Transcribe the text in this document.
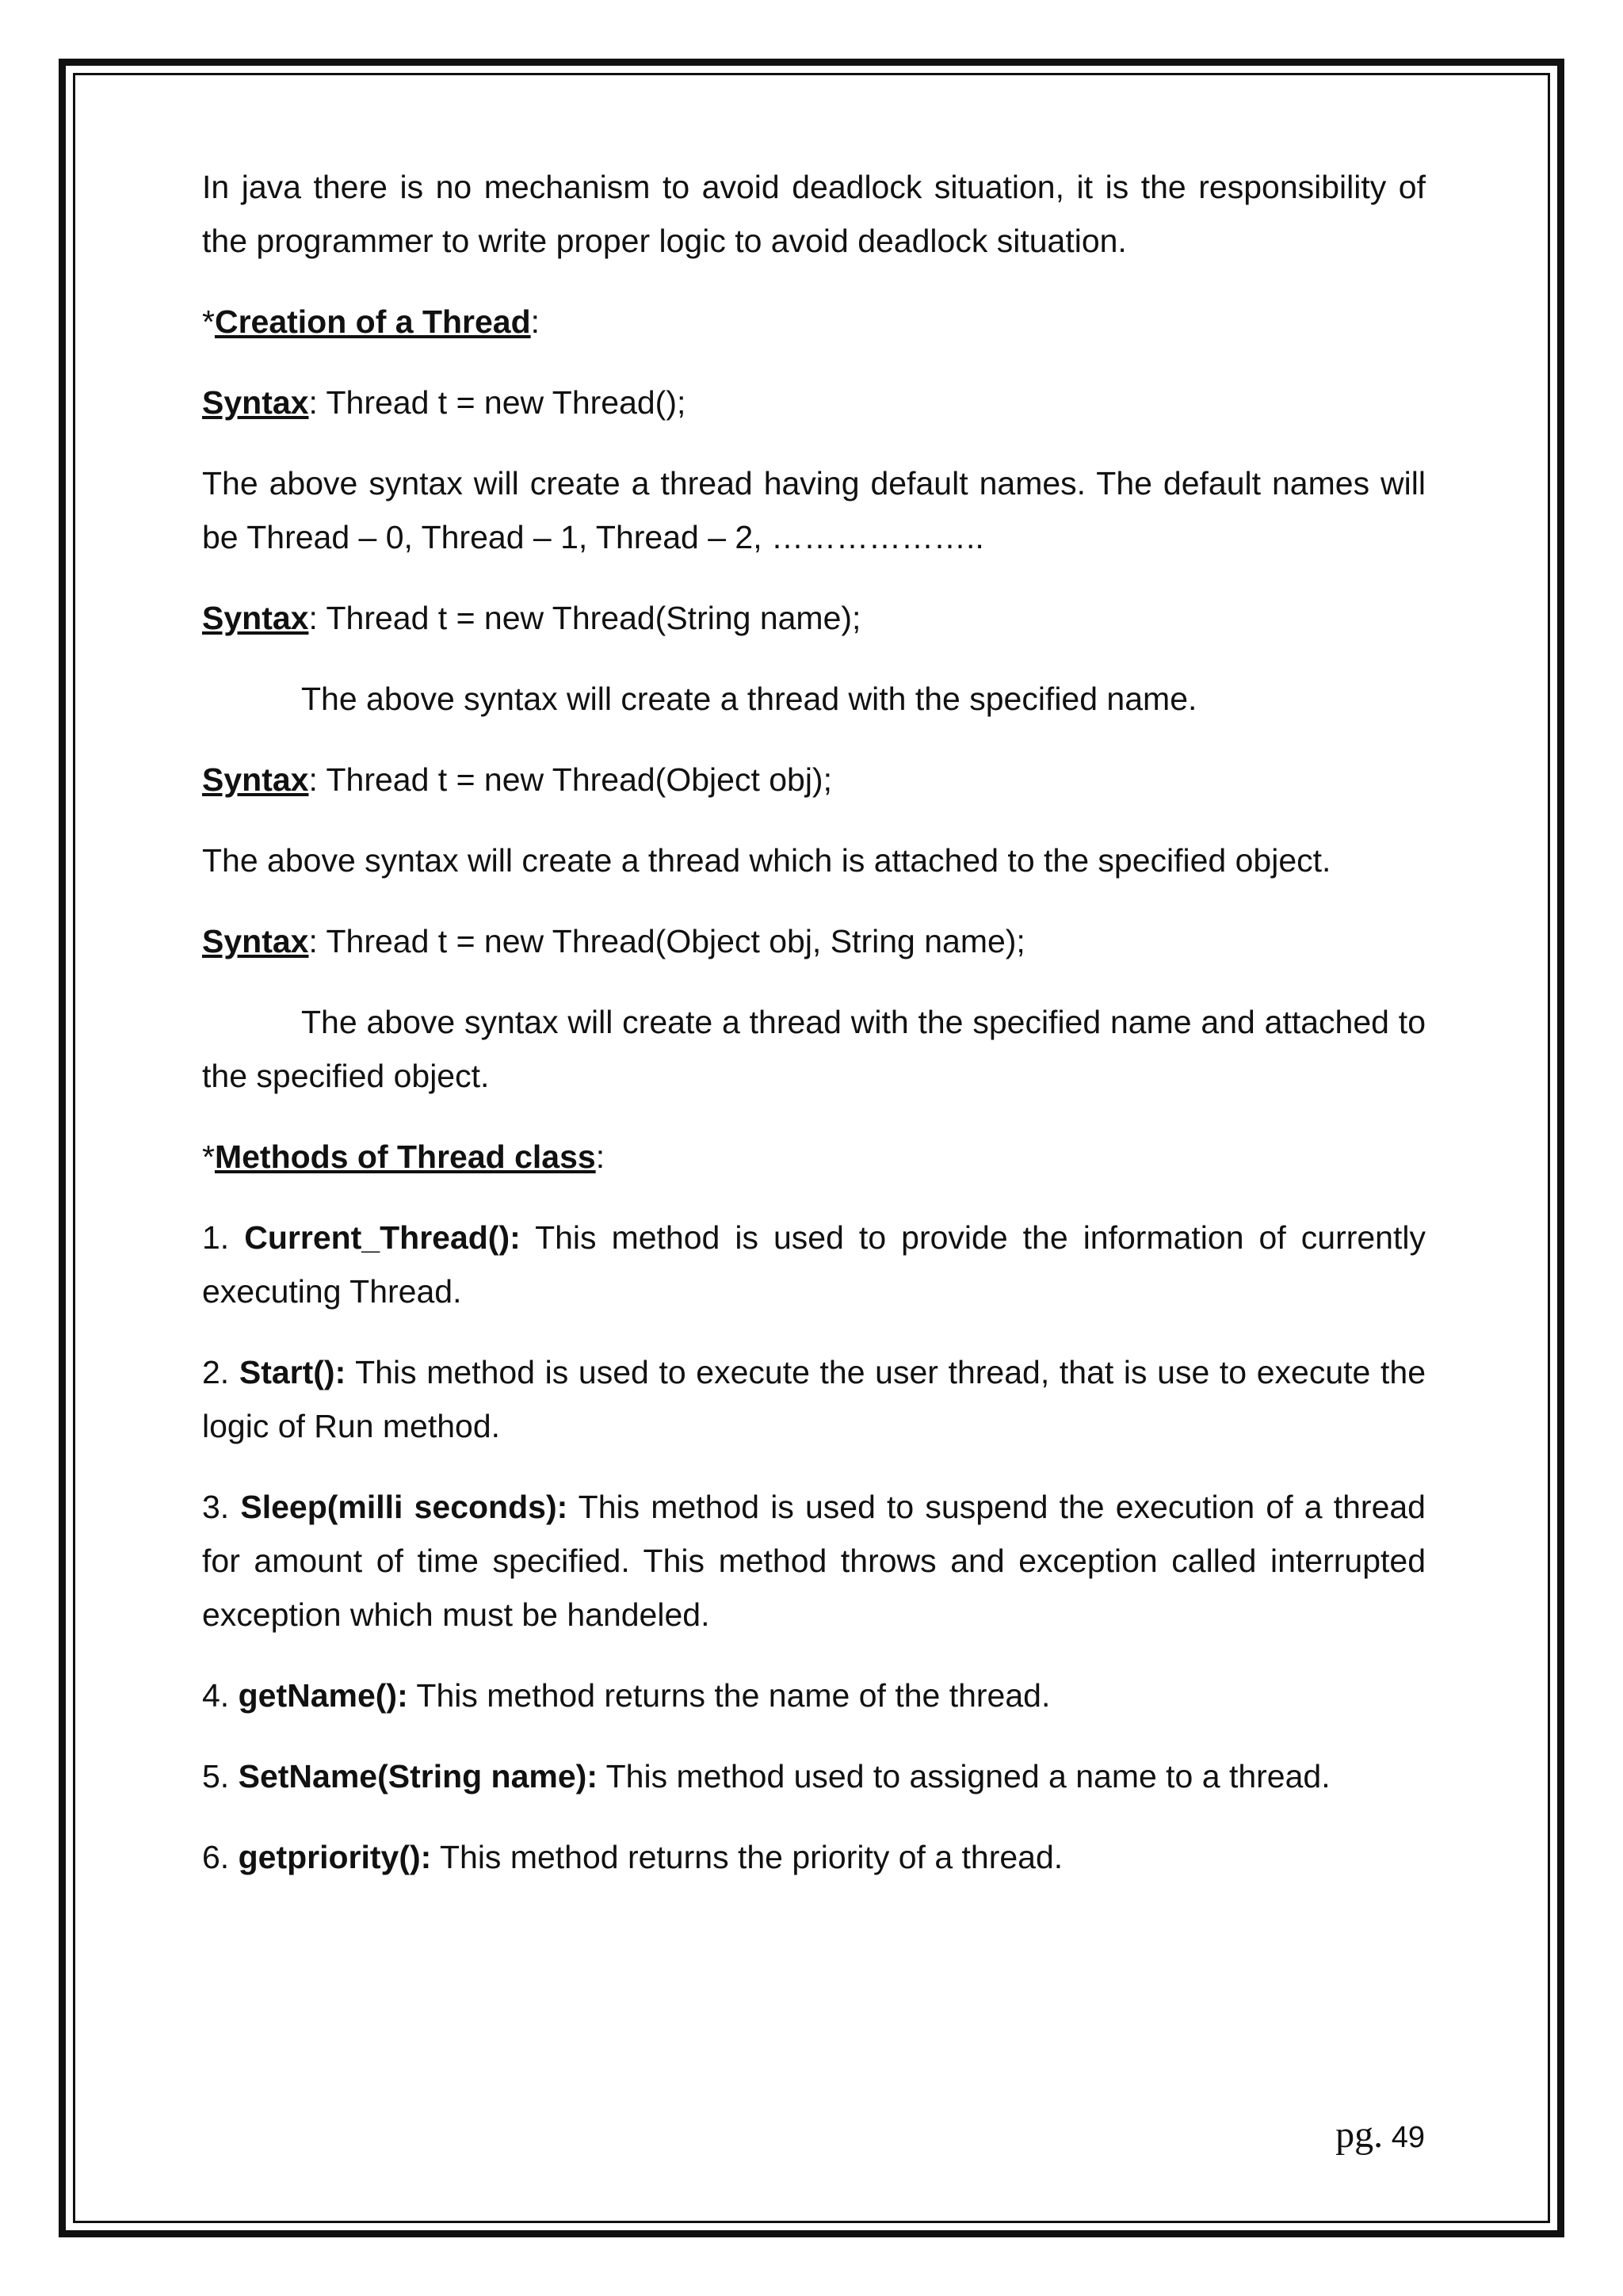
In java there is no mechanism to avoid deadlock situation, it is the responsibility of the programmer to write proper logic to avoid deadlock situation.

*Creation of a Thread:

Syntax: Thread t = new Thread();

The above syntax will create a thread having default names. The default names will be Thread – 0, Thread – 1, Thread – 2, ………………..

Syntax: Thread t = new Thread(String name);

The above syntax will create a thread with the specified name.

Syntax: Thread t = new Thread(Object obj);

The above syntax will create a thread which is attached to the specified object.

Syntax: Thread t = new Thread(Object obj, String name);

The above syntax will create a thread with the specified name and attached to the specified object.

*Methods of Thread class:

1. Current_Thread(): This method is used to provide the information of currently executing Thread.

2. Start(): This method is used to execute the user thread, that is use to execute the logic of Run method.

3. Sleep(milli seconds): This method is used to suspend the execution of a thread for amount of time specified. This method throws and exception called interrupted exception which must be handeled.

4. getName(): This method returns the name of the thread.

5. SetName(String name): This method used to assigned a name to a thread.

6. getpriority(): This method returns the priority of a thread.

pg. 49
